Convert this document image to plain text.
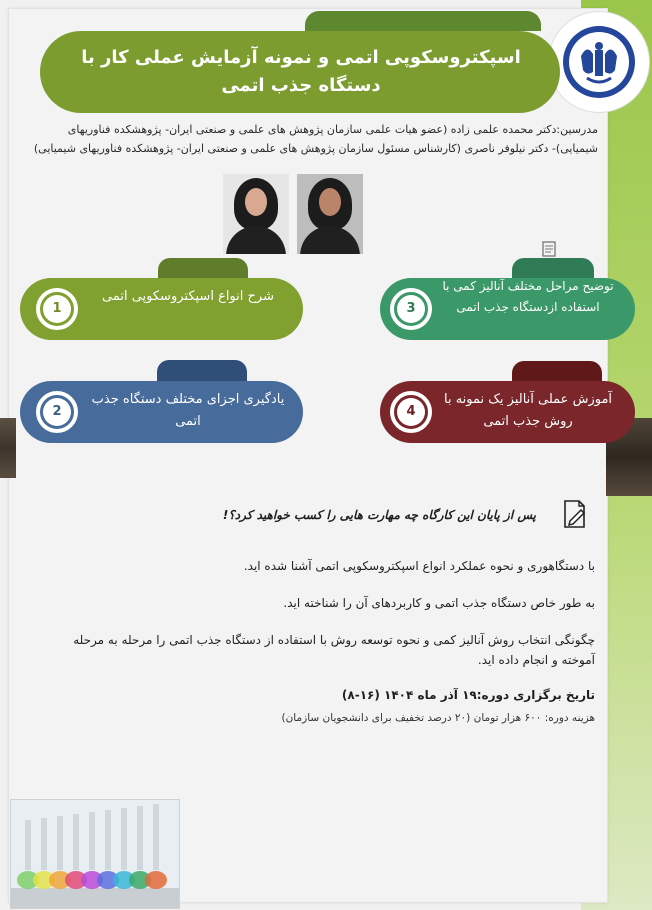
اسپکتروسکوپی اتمی و نمونه آزمایش عملی کار با دستگاه جذب اتمی
مدرسین:دکتر محمده علمی زاده (عضو هیات علمی سازمان پژوهش های علمی و صنعتی ایران- پژوهشکده فناوریهای شیمیایی)- دکتر نیلوفر ناصری (کارشناس مسئول سازمان پژوهش های علمی و صنعتی ایران- پژوهشکده فناوریهای شیمیایی)
1
شرح انواع اسپکتروسکوپی اتمی
2
یادگیری اجزای مختلف دستگاه جذب اتمی
3
توضیح مراحل مختلف آنالیز کمی با استفاده ازدستگاه جذب اتمی
4
آموزش عملی آنالیز یک نمونه با روش جذب اتمی
پس از پایان این کارگاه چه مهارت هایی را کسب خواهید کرد؟!
با دستگاهوری و نحوه عملکرد انواع اسپکتروسکوپی اتمی آشنا شده اید.
به طور خاص دستگاه جذب اتمی و کاربردهای آن را شناخته اید.
چگونگی انتخاب روش آنالیز کمی و نحوه توسعه روش با استفاده از دستگاه جذب اتمی را مرحله به مرحله آموخته و انجام داده اید.
تاریخ برگزاری دوره:۱۹ آذر ماه ۱۴۰۴ (۱۶-۸)
هزینه دوره: ۶۰۰ هزار تومان (۲۰ درصد تخفیف برای دانشجویان سازمان)
